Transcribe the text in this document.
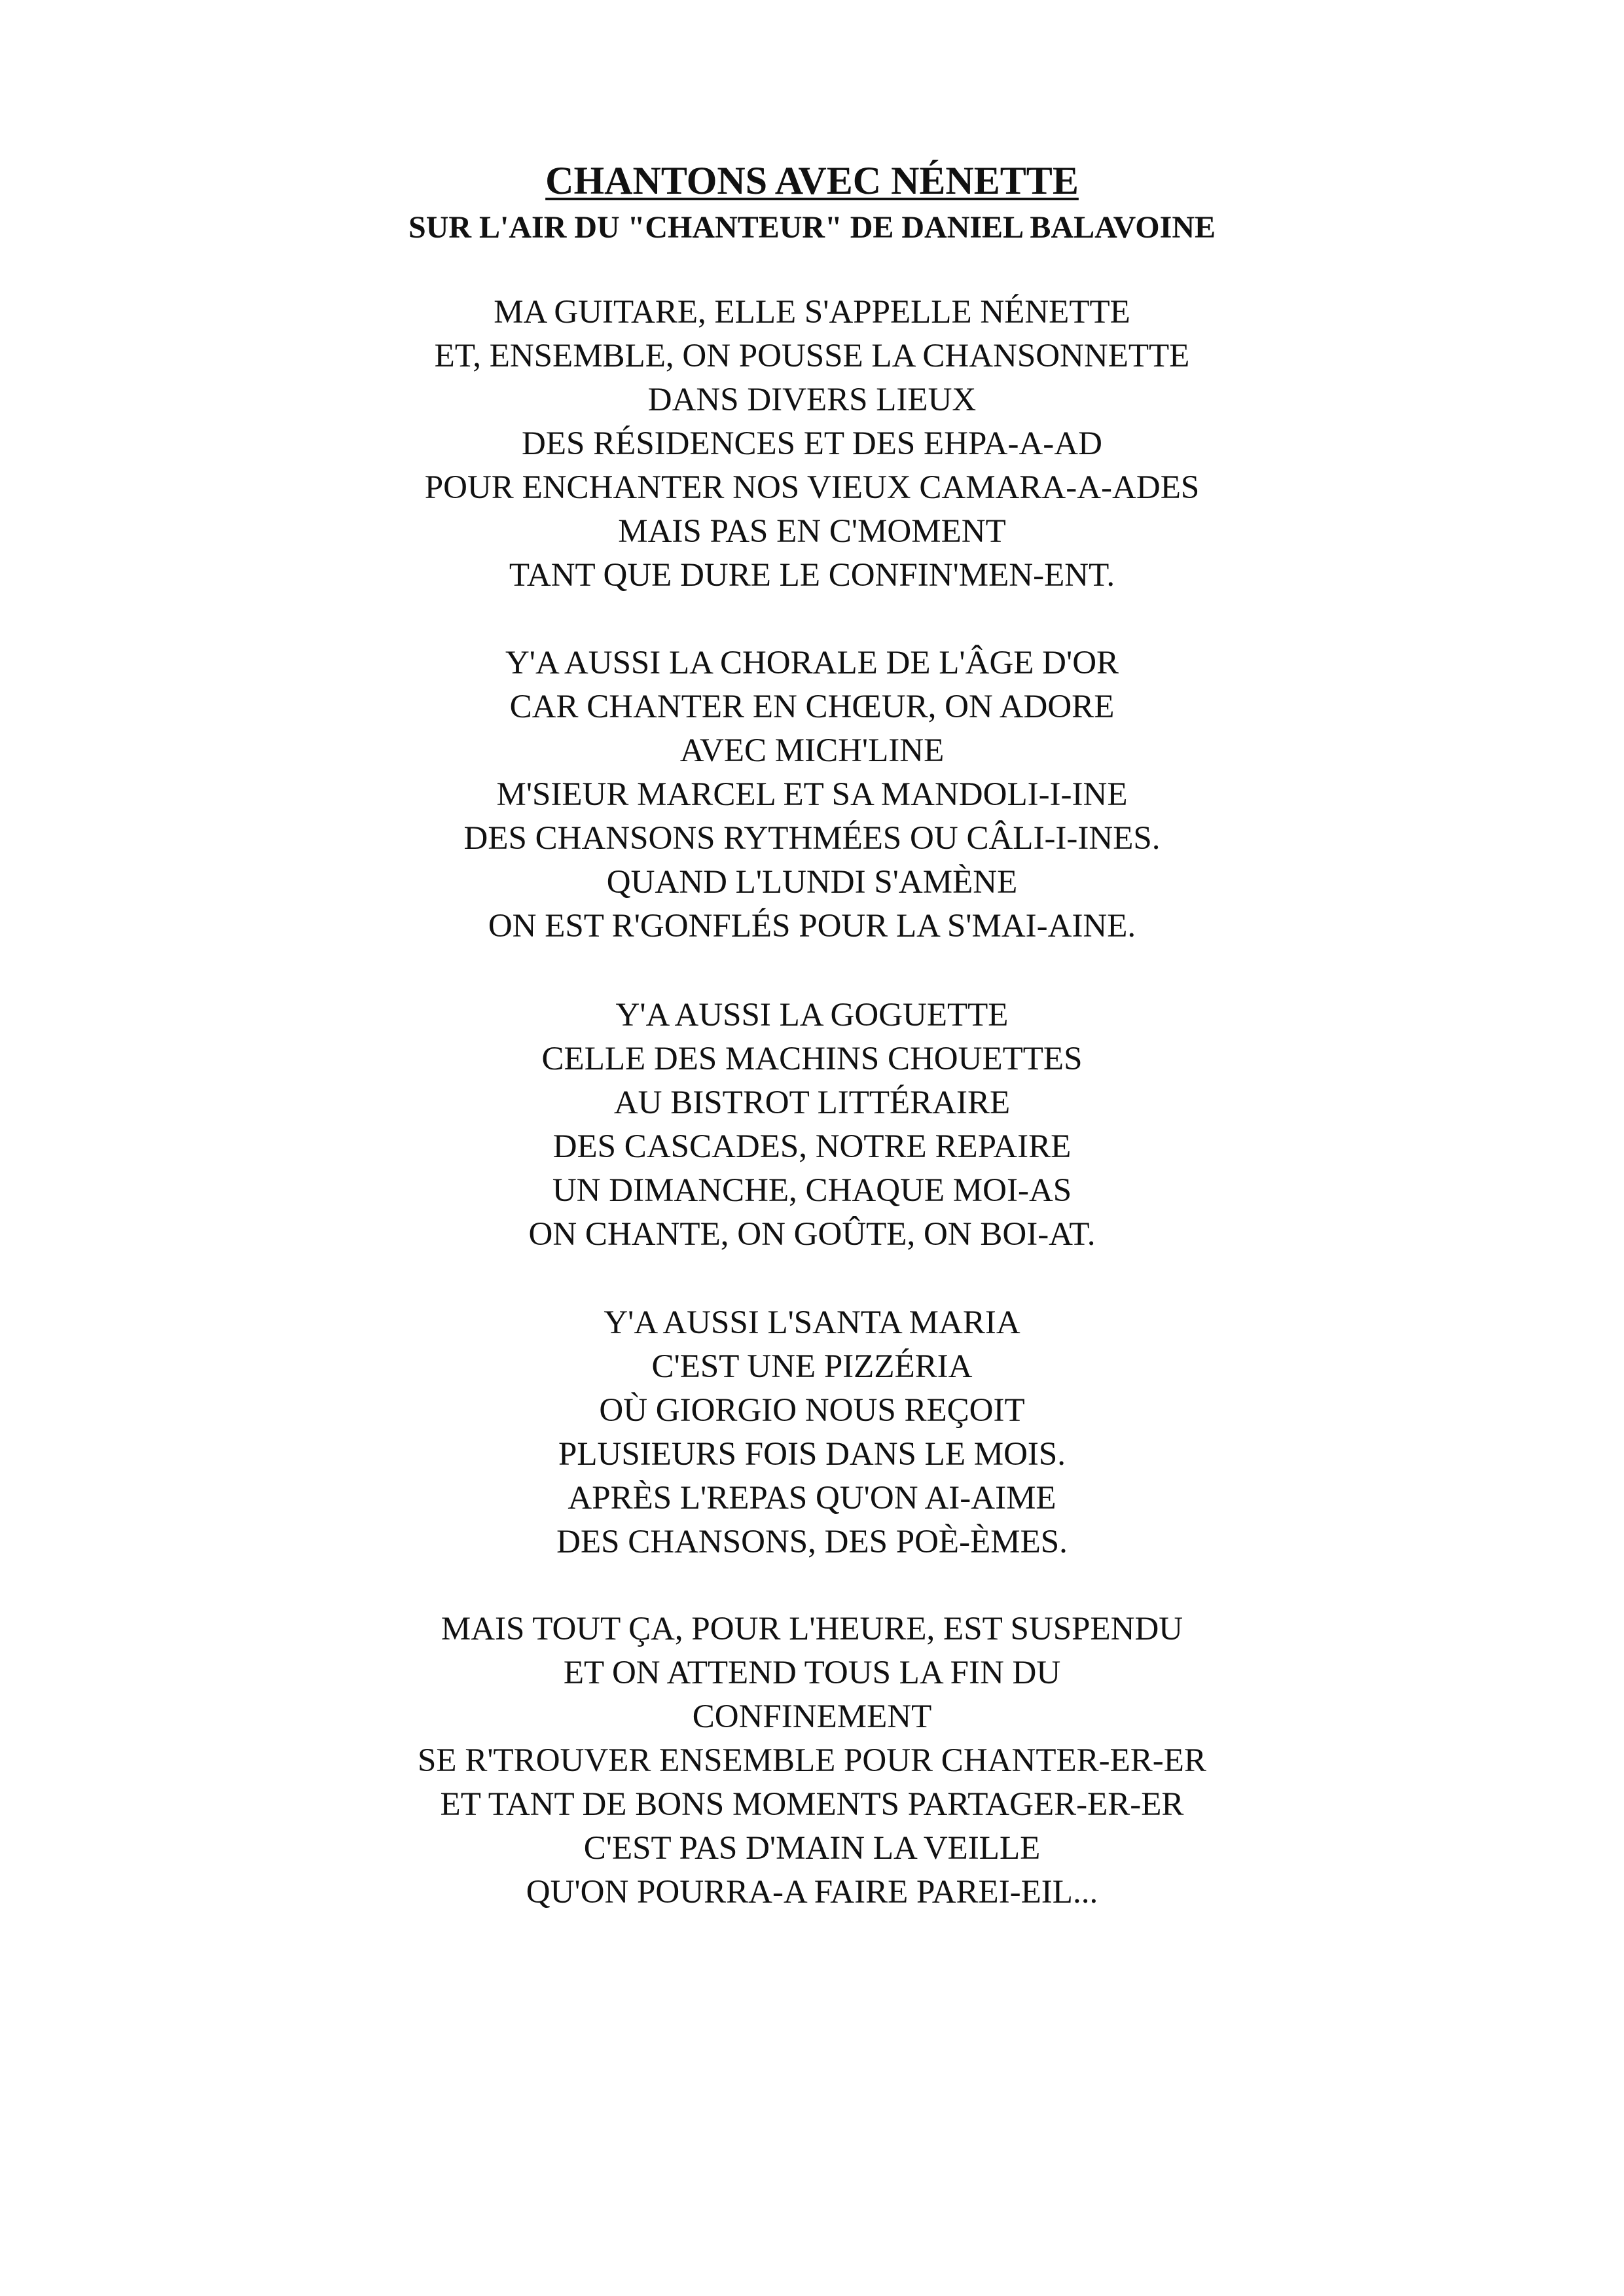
CHANTONS AVEC NÉNETTE
SUR L'AIR DU "CHANTEUR" DE DANIEL BALAVOINE
MA GUITARE, ELLE S'APPELLE NÉNETTE
ET, ENSEMBLE, ON POUSSE LA CHANSONNETTE
DANS DIVERS LIEUX
DES RÉSIDENCES ET DES EHPA-A-AD
POUR ENCHANTER NOS VIEUX CAMARA-A-ADES
MAIS PAS EN C'MOMENT
TANT QUE DURE LE CONFIN'MEN-ENT.
Y'A AUSSI LA CHORALE DE L'ÂGE D'OR
CAR CHANTER EN CHŒUR, ON ADORE
AVEC MICH'LINE
M'SIEUR MARCEL ET SA MANDOLI-I-INE
DES CHANSONS RYTHMÉES OU CÂLI-I-INES.
QUAND L'LUNDI S'AMÈNE
ON EST R'GONFLÉS POUR LA S'MAI-AINE.
Y'A AUSSI LA GOGUETTE
CELLE DES MACHINS CHOUETTES
AU BISTROT LITTÉRAIRE
DES CASCADES, NOTRE REPAIRE
UN DIMANCHE, CHAQUE MOI-AS
ON CHANTE, ON GOÛTE, ON BOI-AT.
Y'A AUSSI L'SANTA MARIA
C'EST UNE PIZZÉRIA
OÙ GIORGIO NOUS REÇOIT
PLUSIEURS FOIS DANS LE MOIS.
APRÈS L'REPAS QU'ON AI-AIME
DES CHANSONS, DES POÈ-ÈMES.
MAIS TOUT ÇA, POUR L'HEURE, EST SUSPENDU
ET ON ATTEND TOUS LA FIN DU
CONFINEMENT
SE R'TROUVER ENSEMBLE POUR CHANTER-ER-ER
ET TANT DE BONS MOMENTS PARTAGER-ER-ER
C'EST PAS D'MAIN LA VEILLE
QU'ON POURRA-A FAIRE PAREI-EIL...
